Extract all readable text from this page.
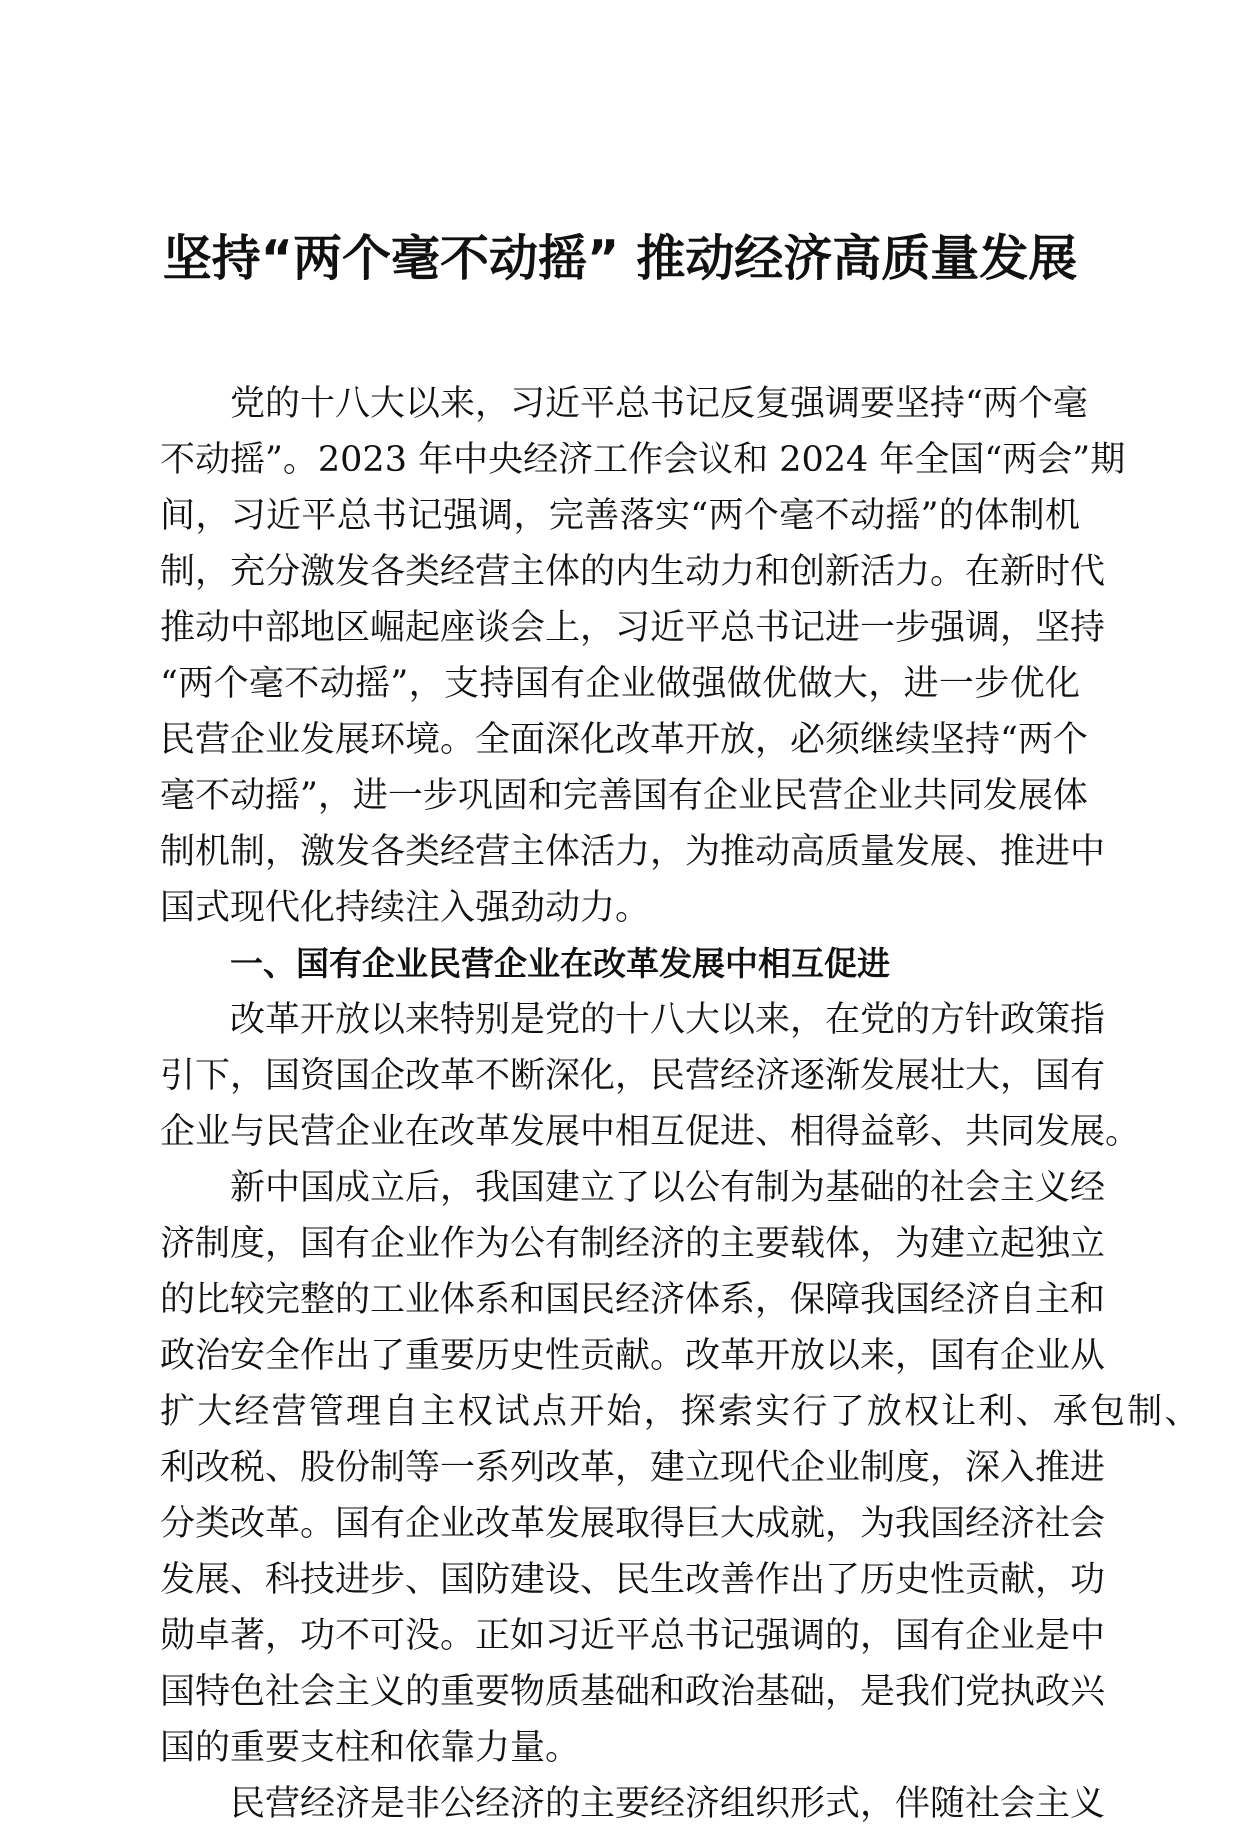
坚持“两个毫不动摇” 推动经济高质量发展
党的十八大以来，习近平总书记反复强调要坚持“两个毫
不动摇”。2023 年中央经济工作会议和 2024 年全国“两会”期
间，习近平总书记强调，完善落实“两个毫不动摇”的体制机
制，充分激发各类经营主体的内生动力和创新活力。在新时代
推动中部地区崛起座谈会上，习近平总书记进一步强调，坚持
“两个毫不动摇”，支持国有企业做强做优做大，进一步优化
民营企业发展环境。全面深化改革开放，必须继续坚持“两个
毫不动摇”，进一步巩固和完善国有企业民营企业共同发展体
制机制，激发各类经营主体活力，为推动高质量发展、推进中
国式现代化持续注入强劲动力。
一、国有企业民营企业在改革发展中相互促进
改革开放以来特别是党的十八大以来，在党的方针政策指
引下，国资国企改革不断深化，民营经济逐渐发展壮大，国有
企业与民营企业在改革发展中相互促进、相得益彰、共同发展。
新中国成立后，我国建立了以公有制为基础的社会主义经
济制度，国有企业作为公有制经济的主要载体，为建立起独立
的比较完整的工业体系和国民经济体系，保障我国经济自主和
政治安全作出了重要历史性贡献。改革开放以来，国有企业从
扩大经营管理自主权试点开始，探索实行了放权让利、承包制、
利改税、股份制等一系列改革，建立现代企业制度，深入推进
分类改革。国有企业改革发展取得巨大成就，为我国经济社会
发展、科技进步、国防建设、民生改善作出了历史性贡献，功
勋卓著，功不可没。正如习近平总书记强调的，国有企业是中
国特色社会主义的重要物质基础和政治基础，是我们党执政兴
国的重要支柱和依靠力量。
民营经济是非公经济的主要经济组织形式，伴随社会主义
